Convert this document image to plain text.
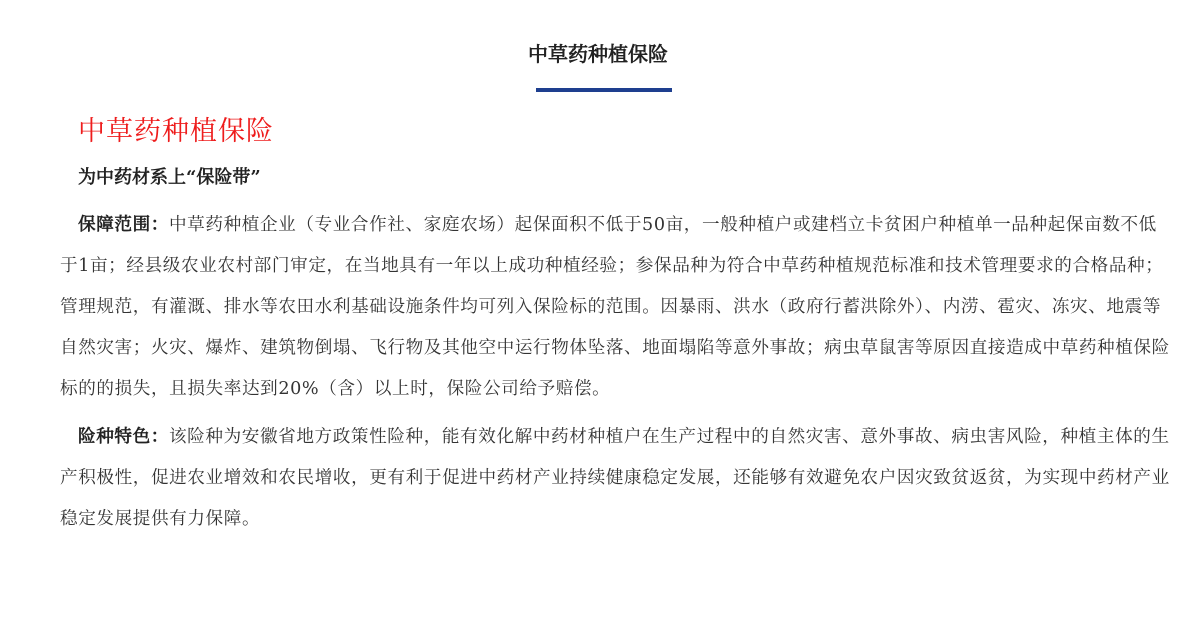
中草药种植保险
中草药种植保险
为中药材系上“保险带”

保障范围：中草药种植企业（专业合作社、家庭农场）起保面积不低于50亩，一般种植户或建档立卡贫困户种植单一品种起保亩数不低于1亩；经县级农业农村部门审定，在当地具有一年以上成功种植经验；参保品种为符合中草药种植规范标准和技术管理要求的合格品种；管理规范，有灌溉、排水等农田水利基础设施条件均可列入保险标的范围。因暴雨、洪水（政府行蓄洪除外）、内涝、雹灾、冻灾、地震等自然灾害；火灾、爆炸、建筑物倒塌、飞行物及其他空中运行物体坠落、地面塌陷等意外事故；病虫草鼠害等原因直接造成中草药种植保险标的的损失，且损失率达到20%（含）以上时，保险公司给予赔偿。

险种特色：该险种为安徽省地方政策性险种，能有效化解中药材种植户在生产过程中的自然灾害、意外事故、病虫害风险，种植主体的生产积极性，促进农业增效和农民增收，更有利于促进中药材产业持续健康稳定发展，还能够有效避免农户因灾致贫返贫，为实现中药材产业稳定发展提供有力保障。
